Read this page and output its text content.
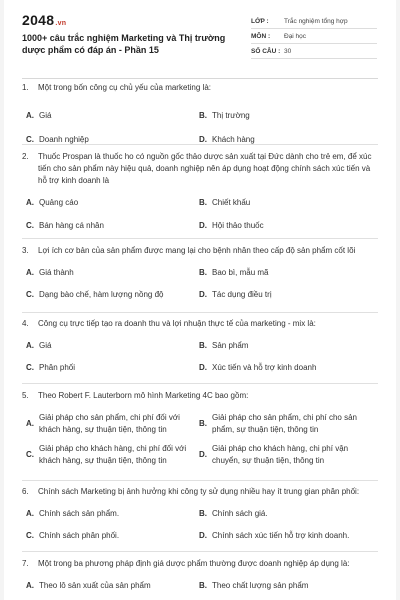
2048.vn
1000+ câu trắc nghiệm Marketing và Thị trường dược phẩm có đáp án - Phần 15
LỚP :	Trắc nghiệm tổng hợp
MÔN :	Đại học
SỐ CÂU : 30
1.	Một trong bốn công cụ chủ yếu của marketing là:
A. Giá	B. Thị trường
C. Doanh nghiệp	D. Khách hàng
2.	Thuốc Prospan là thuốc ho có nguồn gốc thảo dược sản xuất tại Đức dành cho trẻ em, để xúc tiến cho sản phẩm này hiệu quả, doanh nghiệp nên áp dụng hoạt động chính sách xúc tiến và hỗ trợ kinh doanh là
A. Quảng cáo	B. Chiết khấu
C. Bán hàng cá nhân	D. Hội thảo thuốc
3.	Lợi ích cơ bản của sản phẩm được mang lại cho bệnh nhân theo cấp độ sản phẩm cốt lõi
A. Giá thành	B. Bao bì, mẫu mã
C. Dạng bào chế, hàm lượng nồng độ	D. Tác dụng điều trị
4.	Công cụ trực tiếp tạo ra doanh thu và lợi nhuận thực tế của marketing - mix là:
A. Giá	B. Sản phẩm
C. Phân phối	D. Xúc tiến và hỗ trợ kinh doanh
5.	Theo Robert F. Lauterborn mô hình Marketing 4C bao gồm:
A.
Giải pháp cho sản phẩm, chi phí đối với khách hàng, sự thuận tiện, thông tin
B.
Giải pháp cho sản phẩm, chi phí cho sản phẩm, sự thuận tiện, thông tin
C.
Giải pháp cho khách hàng, chi phí đối với khách hàng, sự thuận tiện, thông tin
D.
Giải pháp cho khách hàng, chi phí vận chuyển, sự thuận tiện, thông tin
6.	Chính sách Marketing bị ảnh hưởng khi công ty sử dụng nhiều hay ít trung gian phân phối:
A. Chính sách sản phẩm.	B. Chính sách giá.
C. Chính sách phân phối.	D. Chính sách xúc tiến hỗ trợ kinh doanh.
7.	Một trong ba phương pháp định giá dược phẩm thường được doanh nghiệp áp dụng là:
A. Theo lô sản xuất của sản phẩm	B. Theo chất lượng sản phẩm
